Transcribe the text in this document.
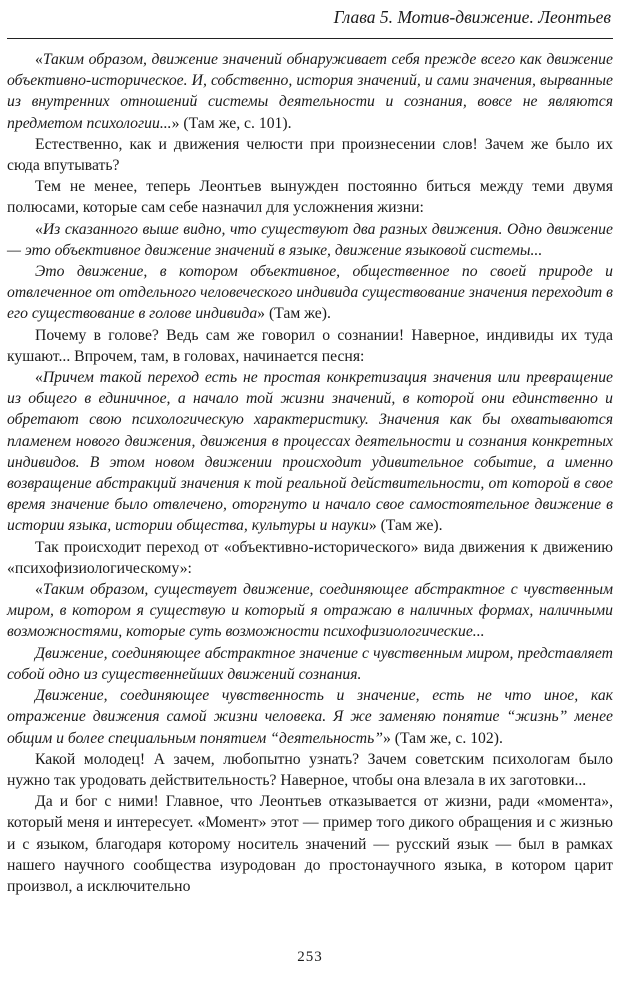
Глава 5. Мотив-движение. Леонтьев

«Таким образом, движение значений обнаруживает себя прежде всего как движение объективно-историческое. И, собственно, история значений, и сами значения, вырванные из внутренних отношений системы деятельности и сознания, вовсе не являются предметом психологии...» (Там же, с. 101).

Естественно, как и движения челюсти при произнесении слов! Зачем же было их сюда впутывать?

Тем не менее, теперь Леонтьев вынужден постоянно биться между теми двумя полюсами, которые сам себе назначил для усложнения жизни:

«Из сказанного выше видно, что существуют два разных движения. Одно движение — это объективное движение значений в языке, движение языковой системы...

Это движение, в котором объективное, общественное по своей природе и отвлеченное от отдельного человеческого индивида существование значения переходит в его существование в голове индивида» (Там же).

Почему в голове? Ведь сам же говорил о сознании! Наверное, индивиды их туда кушают... Впрочем, там, в головах, начинается песня:

«Причем такой переход есть не простая конкретизация значения или превращение из общего в единичное, а начало той жизни значений, в которой они единственно и обретают свою психологическую характеристику. Значения как бы охватываются пламенем нового движения, движения в процессах деятельности и сознания конкретных индивидов. В этом новом движении происходит удивительное событие, а именно возвращение абстракций значения к той реальной действительности, от которой в свое время значение было отвлечено, оторгнуто и начало свое самостоятельное движение в истории языка, истории общества, культуры и науки» (Там же).

Так происходит переход от «объективно-исторического» вида движения к движению «психофизиологическому»:

«Таким образом, существует движение, соединяющее абстрактное с чувственным миром, в котором я существую и который я отражаю в наличных формах, наличными возможностями, которые суть возможности психофизиологические...

Движение, соединяющее абстрактное значение с чувственным миром, представляет собой одно из существеннейших движений сознания.

Движение, соединяющее чувственность и значение, есть не что иное, как отражение движения самой жизни человека. Я же заменяю понятие “жизнь” менее общим и более специальным понятием “деятельность”» (Там же, с. 102).

Какой молодец! А зачем, любопытно узнать? Зачем советским психологам было нужно так уродовать действительность? Наверное, чтобы она влезала в их заготовки...

Да и бог с ними! Главное, что Леонтьев отказывается от жизни, ради «момента», который меня и интересует. «Момент» этот — пример того дикого обращения и с жизнью и с языком, благодаря которому носитель значений — русский язык — был в рамках нашего научного сообщества изуродован до простонаучного языка, в котором царит произвол, а исключительно

253
